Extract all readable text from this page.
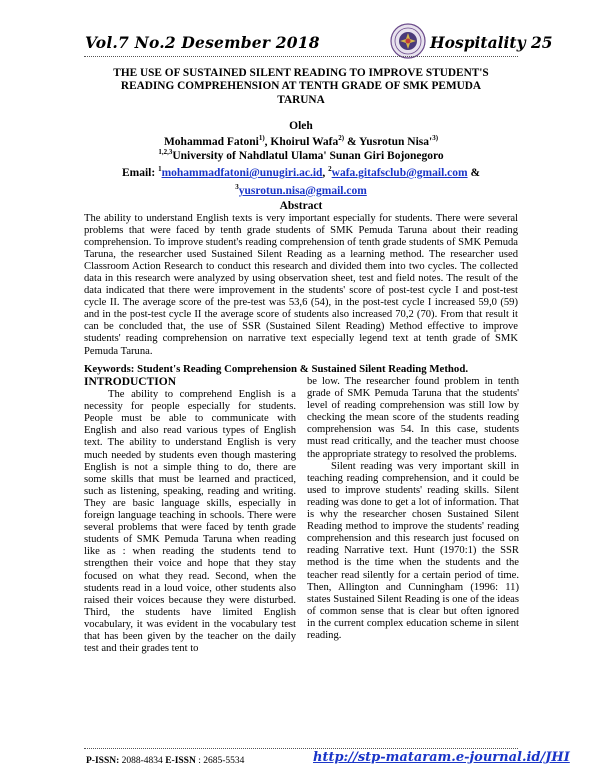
Vol.7 No.2 Desember 2018	Hospitality 25
THE USE OF SUSTAINED SILENT READING TO IMPROVE STUDENT'S
READING COMPREHENSION AT TENTH GRADE OF SMK PEMUDA
TARUNA
Oleh
Mohammad Fatoni$^{1)}$, Khoirul Wafa$^{2)}$ & Yusrotun $Nisa'^{3)}$
$^{1,2,3}$University of Nahdlatul Ulama' Sunan Giri Bojonegoro
Email: $^1$mohammadfatoni@unugiri.ac.id, $^2$wafa.gitafsclub@gmail.com &
$^3$yusrotun.nisa@gmail.com
Abstract

The ability to understand English texts is very important especially for students. There were several problems that were faced by tenth grade students of SMK Pemuda Taruna about their reading comprehension. To improve student's reading comprehension of tenth grade students of SMK Pemuda Taruna, the researcher used Sustained Silent Reading as a learning method. The researcher used Classroom Action Research to conduct this research and divided them into two cycles. The collected data in this research were analyzed by using observation sheet, test and field notes. The result of the data indicated that there were improvement in the students' score of post-test cycle I and post-test cycle II. The average score of the pre-test was 53,6 (54), in the post-test cycle I increased 59,0 (59) and in the post-test cycle II the average score of students also increased 70,2 (70). From that result it can be concluded that, the use of SSR (Sustained Silent Reading) Method effective to improve students' reading comprehension on narrative text especially legend text at tenth grade of SMK Pemuda Taruna.

Keywords: Student's Reading Comprehension & Sustained Silent Reading Method.
INTRODUCTION

The ability to comprehend English is a necessity for people especially for students. People must be able to communicate with English and also read various types of English text. The ability to understand English is very much needed by students even though mastering English is not a simple thing to do, there are some skills that must be learned and practiced, such as listening, speaking, reading and writing. They are basic language skills, especially in foreign language teaching in schools. There were several problems that were faced by tenth grade students of SMK Pemuda Taruna when reading like as : when reading the students tend to strengthen their voice and hope that they stay focused on what they read. Second, when the students read in a loud voice, other students also raised their voices because they were disturbed. Third, the students have limited English vocabulary, it was evident in the vocabulary test that has been given by the teacher on the daily test and their grades tent to

be low. The researcher found problem in tenth grade of SMK Pemuda Taruna that the students' level of reading comprehension was still low by checking the mean score of the students reading comprehension was 54. In this case, students must read critically, and the teacher must choose the appropriate strategy to resolved the problems.

Silent reading was very important skill in teaching reading comprehension, and it could be used to improve students' reading skills. Silent reading was done to get a lot of information. That is why the researcher chosen Sustained Silent Reading method to improve the students' reading comprehension and this research just focused on reading Narrative text. Hunt (1970:1) the SSR method is the time when the students and the teacher read silently for a certain period of time. Then, Allington and Cunningham (1996: 11) states Sustained Silent Reading is one of the ideas of common sense that is clear but often ignored in the current complex education scheme in silent reading.

P-ISSN: 2088-4834 E-ISSN : 2685-5534	http://stp-mataram.e-journal.id/JHI
